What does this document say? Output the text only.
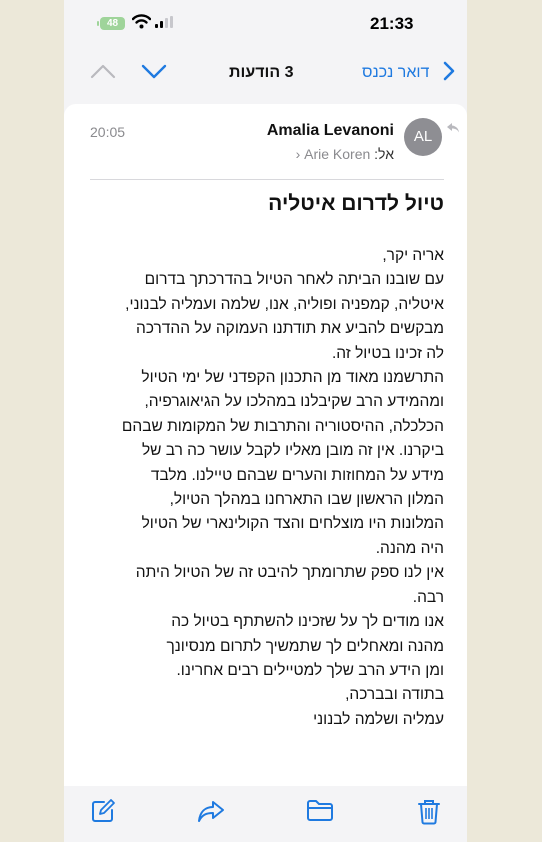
48	21:33
3 הודעות	דואר נכנס
20:05	Amalia Levanoni
אל: Arie Koren ‹
AL
טיול לדרום איטליה

אריה יקר,

עם שובנו הביתה לאחר הטיול בהדרכתך בדרום

איטליה, קמפניה ופוליה, אנו, שלמה ועמליה לבנוני,

מבקשים להביע את תודתנו העמוקה על ההדרכה

לה זכינו בטיול זה.

התרשמנו מאוד מן התכנון הקפדני של ימי הטיול

ומהמידע הרב שקיבלנו במהלכו על הגיאוגרפיה,

הכלכלה, ההיסטוריה והתרבות של המקומות שבהם

ביקרנו. אין זה מובן מאליו לקבל עושר כה רב של

מידע על המחוזות והערים שבהם טיילנו. מלבד

המלון הראשון שבו התארחנו במהלך הטיול,

המלונות היו מוצלחים והצד הקולינארי של הטיול

היה מהנה.

אין לנו ספק שתרומתך להיבט זה של הטיול היתה

רבה.

אנו מודים לך על שזכינו להשתתף בטיול כה

מהנה ומאחלים לך שתמשיך לתרום מנסיונך

ומן הידע הרב שלך למטיילים רבים אחרינו.

בתודה ובברכה,

עמליה ושלמה לבנוני
